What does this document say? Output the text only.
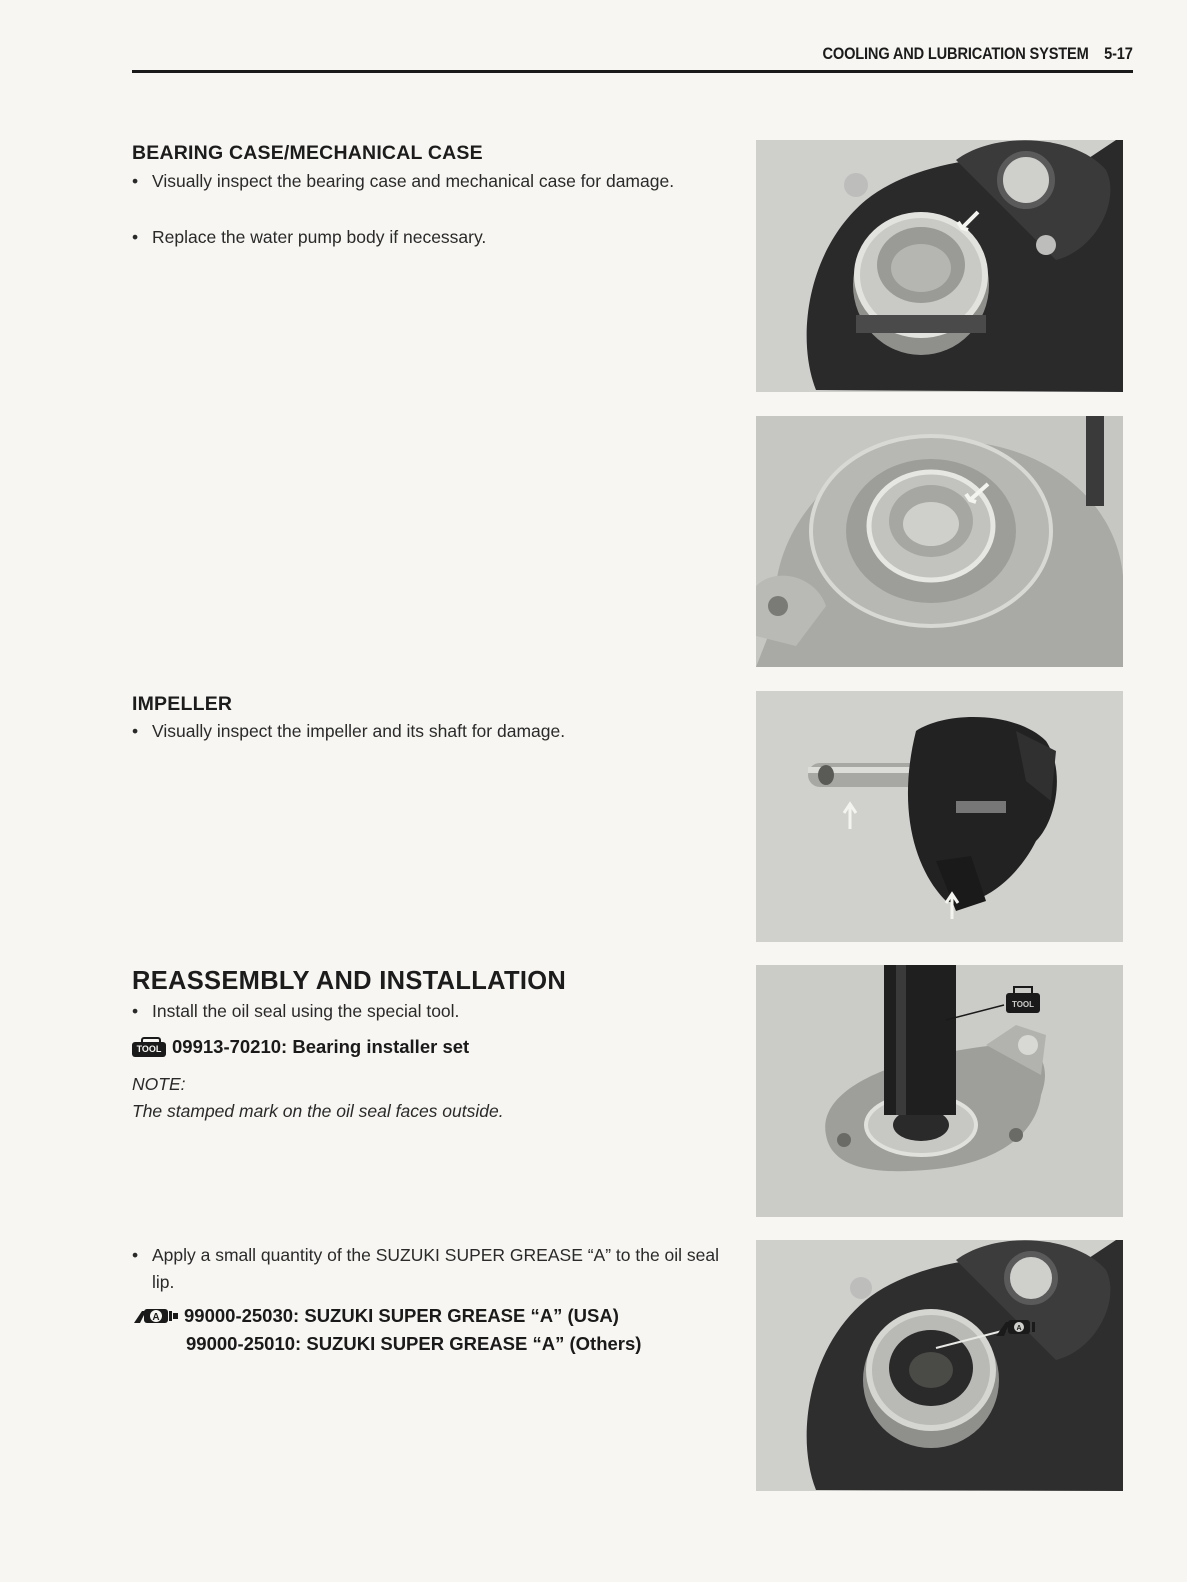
COOLING AND LUBRICATION SYSTEM 5-17
BEARING CASE/MECHANICAL CASE
• Visually inspect the bearing case and mechanical case for damage.
• Replace the water pump body if necessary.
IMPELLER
• Visually inspect the impeller and its shaft for damage.
REASSEMBLY AND INSTALLATION
• Install the oil seal using the special tool.
TOOL 09913-70210: Bearing installer set
NOTE:
The stamped mark on the oil seal faces outside.
• Apply a small quantity of the SUZUKI SUPER GREASE “A” to the oil seal lip.
A 99000-25030: SUZUKI SUPER GREASE “A” (USA)
99000-25010: SUZUKI SUPER GREASE “A” (Others)
TOOL
A
